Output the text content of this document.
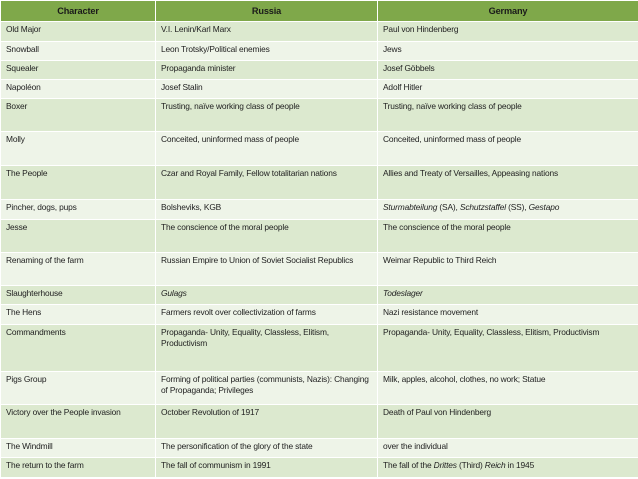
Character	Russia	Germany
Old Major	V.I. Lenin/Karl Marx	Paul von Hindenberg
Snowball	Leon Trotsky/Political enemies	Jews
Squealer	Propaganda minister	Josef Göbbels
Napoléon	Josef Stalin	Adolf Hitler
Boxer	Trusting, naïve working class of people	Trusting, naïve working class of people
Molly	Conceited, uninformed mass of people	Conceited, uninformed mass of people
The People	Czar and Royal Family, Fellow totalitarian nations	Allies and Treaty of Versailles, Appeasing nations
Pincher, dogs, pups	Bolsheviks, KGB	Sturmabteilung (SA), Schutzstaffel (SS), Gestapo
Jesse	The conscience of the moral people	The conscience of the moral people
Renaming of the farm	Russian Empire to Union of Soviet Socialist Republics	Weimar Republic to Third Reich
Slaughterhouse	Gulags	Todeslager
The Hens	Farmers revolt over collectivization of farms	Nazi resistance movement
Commandments	Propaganda- Unity, Equality, Classless, Elitism, Productivism	Propaganda- Unity, Equality, Classless, Elitism, Productivism
Pigs Group	Forming of political parties (communists, Nazis): Changing of Propaganda; Privileges	Milk, apples, alcohol, clothes, no work; Statue
Victory over the People invasion	October Revolution of 1917	Death of Paul von Hindenberg
The Windmill	The personification of the glory of the state	over the individual
The return to the farm	The fall of communism in 1991	The fall of the Drittes (Third) Reich in 1945
